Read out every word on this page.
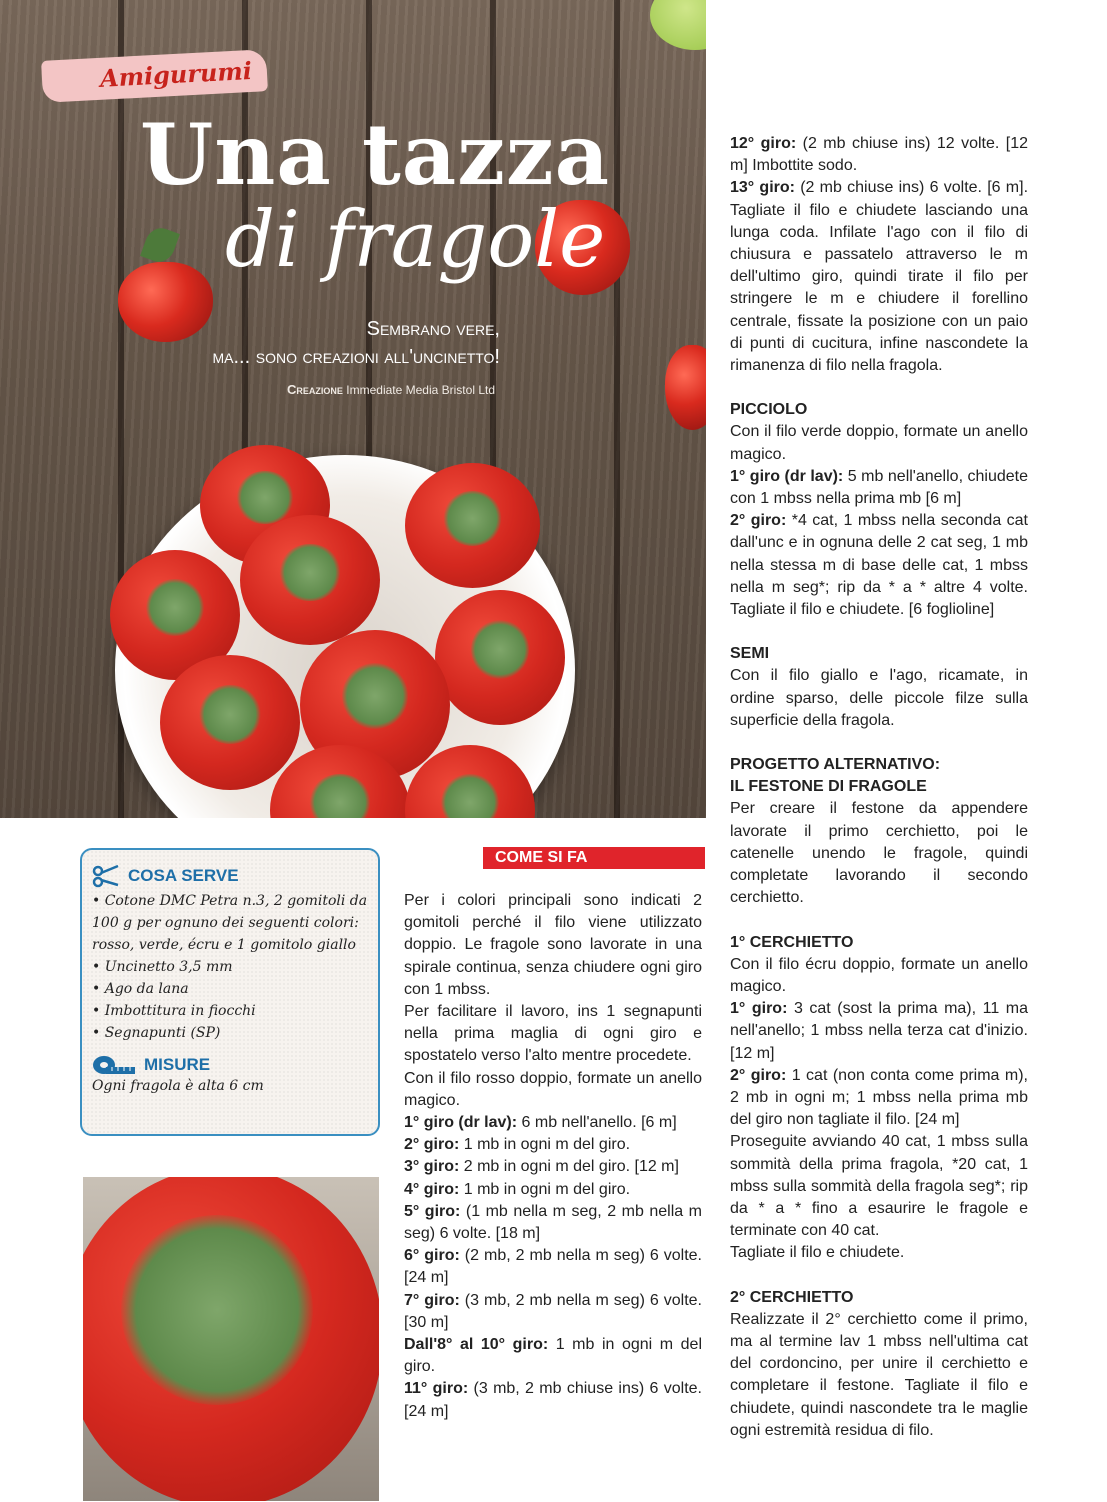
Amigurumi
Una tazza
di fragole
Sembrano vere,
ma... sono creazioni all'uncinetto!
Creazione Immediate Media Bristol Ltd
COME SI FA
COSA SERVE
• Cotone DMC Petra n.3, 2 gomitoli da 100 g per ognuno dei seguenti colori: rosso, verde, écru e 1 gomitolo giallo
• Uncinetto 3,5 mm
• Ago da lana
• Imbottitura in fiocchi
• Segnapunti (SP)
MISURE

Ogni fragola è alta 6 cm

Per i colori principali sono indicati 2 gomitoli perché il filo viene utilizzato doppio. Le fragole sono lavorate in una spirale continua, senza chiudere ogni giro con 1 mbss.

Per facilitare il lavoro, ins 1 segnapunti nella prima maglia di ogni giro e spostatelo verso l'alto mentre procedete.

Con il filo rosso doppio, formate un anello magico.

1° giro (dr lav): 6 mb nell'anello. [6 m]

2° giro: 1 mb in ogni m del giro.

3° giro: 2 mb in ogni m del giro. [12 m]

4° giro: 1 mb in ogni m del giro.

5° giro: (1 mb nella m seg, 2 mb nella m seg) 6 volte. [18 m]

6° giro: (2 mb, 2 mb nella m seg) 6 volte. [24 m]

7° giro: (3 mb, 2 mb nella m seg) 6 volte. [30 m]

Dall'8° al 10° giro: 1 mb in ogni m del giro.

11° giro: (3 mb, 2 mb chiuse ins) 6 volte. [24 m]

12° giro: (2 mb chiuse ins) 12 volte. [12 m] Imbottite sodo.

13° giro: (2 mb chiuse ins) 6 volte. [6 m]. Tagliate il filo e chiudete lasciando una lunga coda. Infilate l'ago con il filo di chiusura e passatelo attraverso le m dell'ultimo giro, quindi tirate il filo per stringere le m e chiudere il forellino centrale, fissate la posizione con un paio di punti di cucitura, infine nascondete la rimanenza di filo nella fragola.

PICCIOLO

Con il filo verde doppio, formate un anello magico.

1° giro (dr lav): 5 mb nell'anello, chiudete con 1 mbss nella prima mb [6 m]

2° giro: *4 cat, 1 mbss nella seconda cat dall'unc e in ognuna delle 2 cat seg, 1 mb nella stessa m di base delle cat, 1 mbss nella m seg*; rip da * a * altre 4 volte. Tagliate il filo e chiudete. [6 foglioline]

SEMI

Con il filo giallo e l'ago, ricamate, in ordine sparso, delle piccole filze sulla superficie della fragola.

PROGETTO ALTERNATIVO:
IL FESTONE DI FRAGOLE

Per creare il festone da appendere lavorate il primo cerchietto, poi le catenelle unendo le fragole, quindi completate lavorando il secondo cerchietto.

1° CERCHIETTO

Con il filo écru doppio, formate un anello magico.

1° giro: 3 cat (sost la prima ma), 11 ma nell'anello; 1 mbss nella terza cat d'inizio. [12 m]

2° giro: 1 cat (non conta come prima m), 2 mb in ogni m; 1 mbss nella prima mb del giro non tagliate il filo. [24 m]

Proseguite avviando 40 cat, 1 mbss sulla sommità della prima fragola, *20 cat, 1 mbss sulla sommità della fragola seg*; rip da * a * fino a esaurire le fragole e terminate con 40 cat.

Tagliate il filo e chiudete.

2° CERCHIETTO

Realizzate il 2° cerchietto come il primo, ma al termine lav 1 mbss nell'ultima cat del cordoncino, per unire il cerchietto e completare il festone. Tagliate il filo e chiudete, quindi nascondete tra le maglie ogni estremità residua di filo.
